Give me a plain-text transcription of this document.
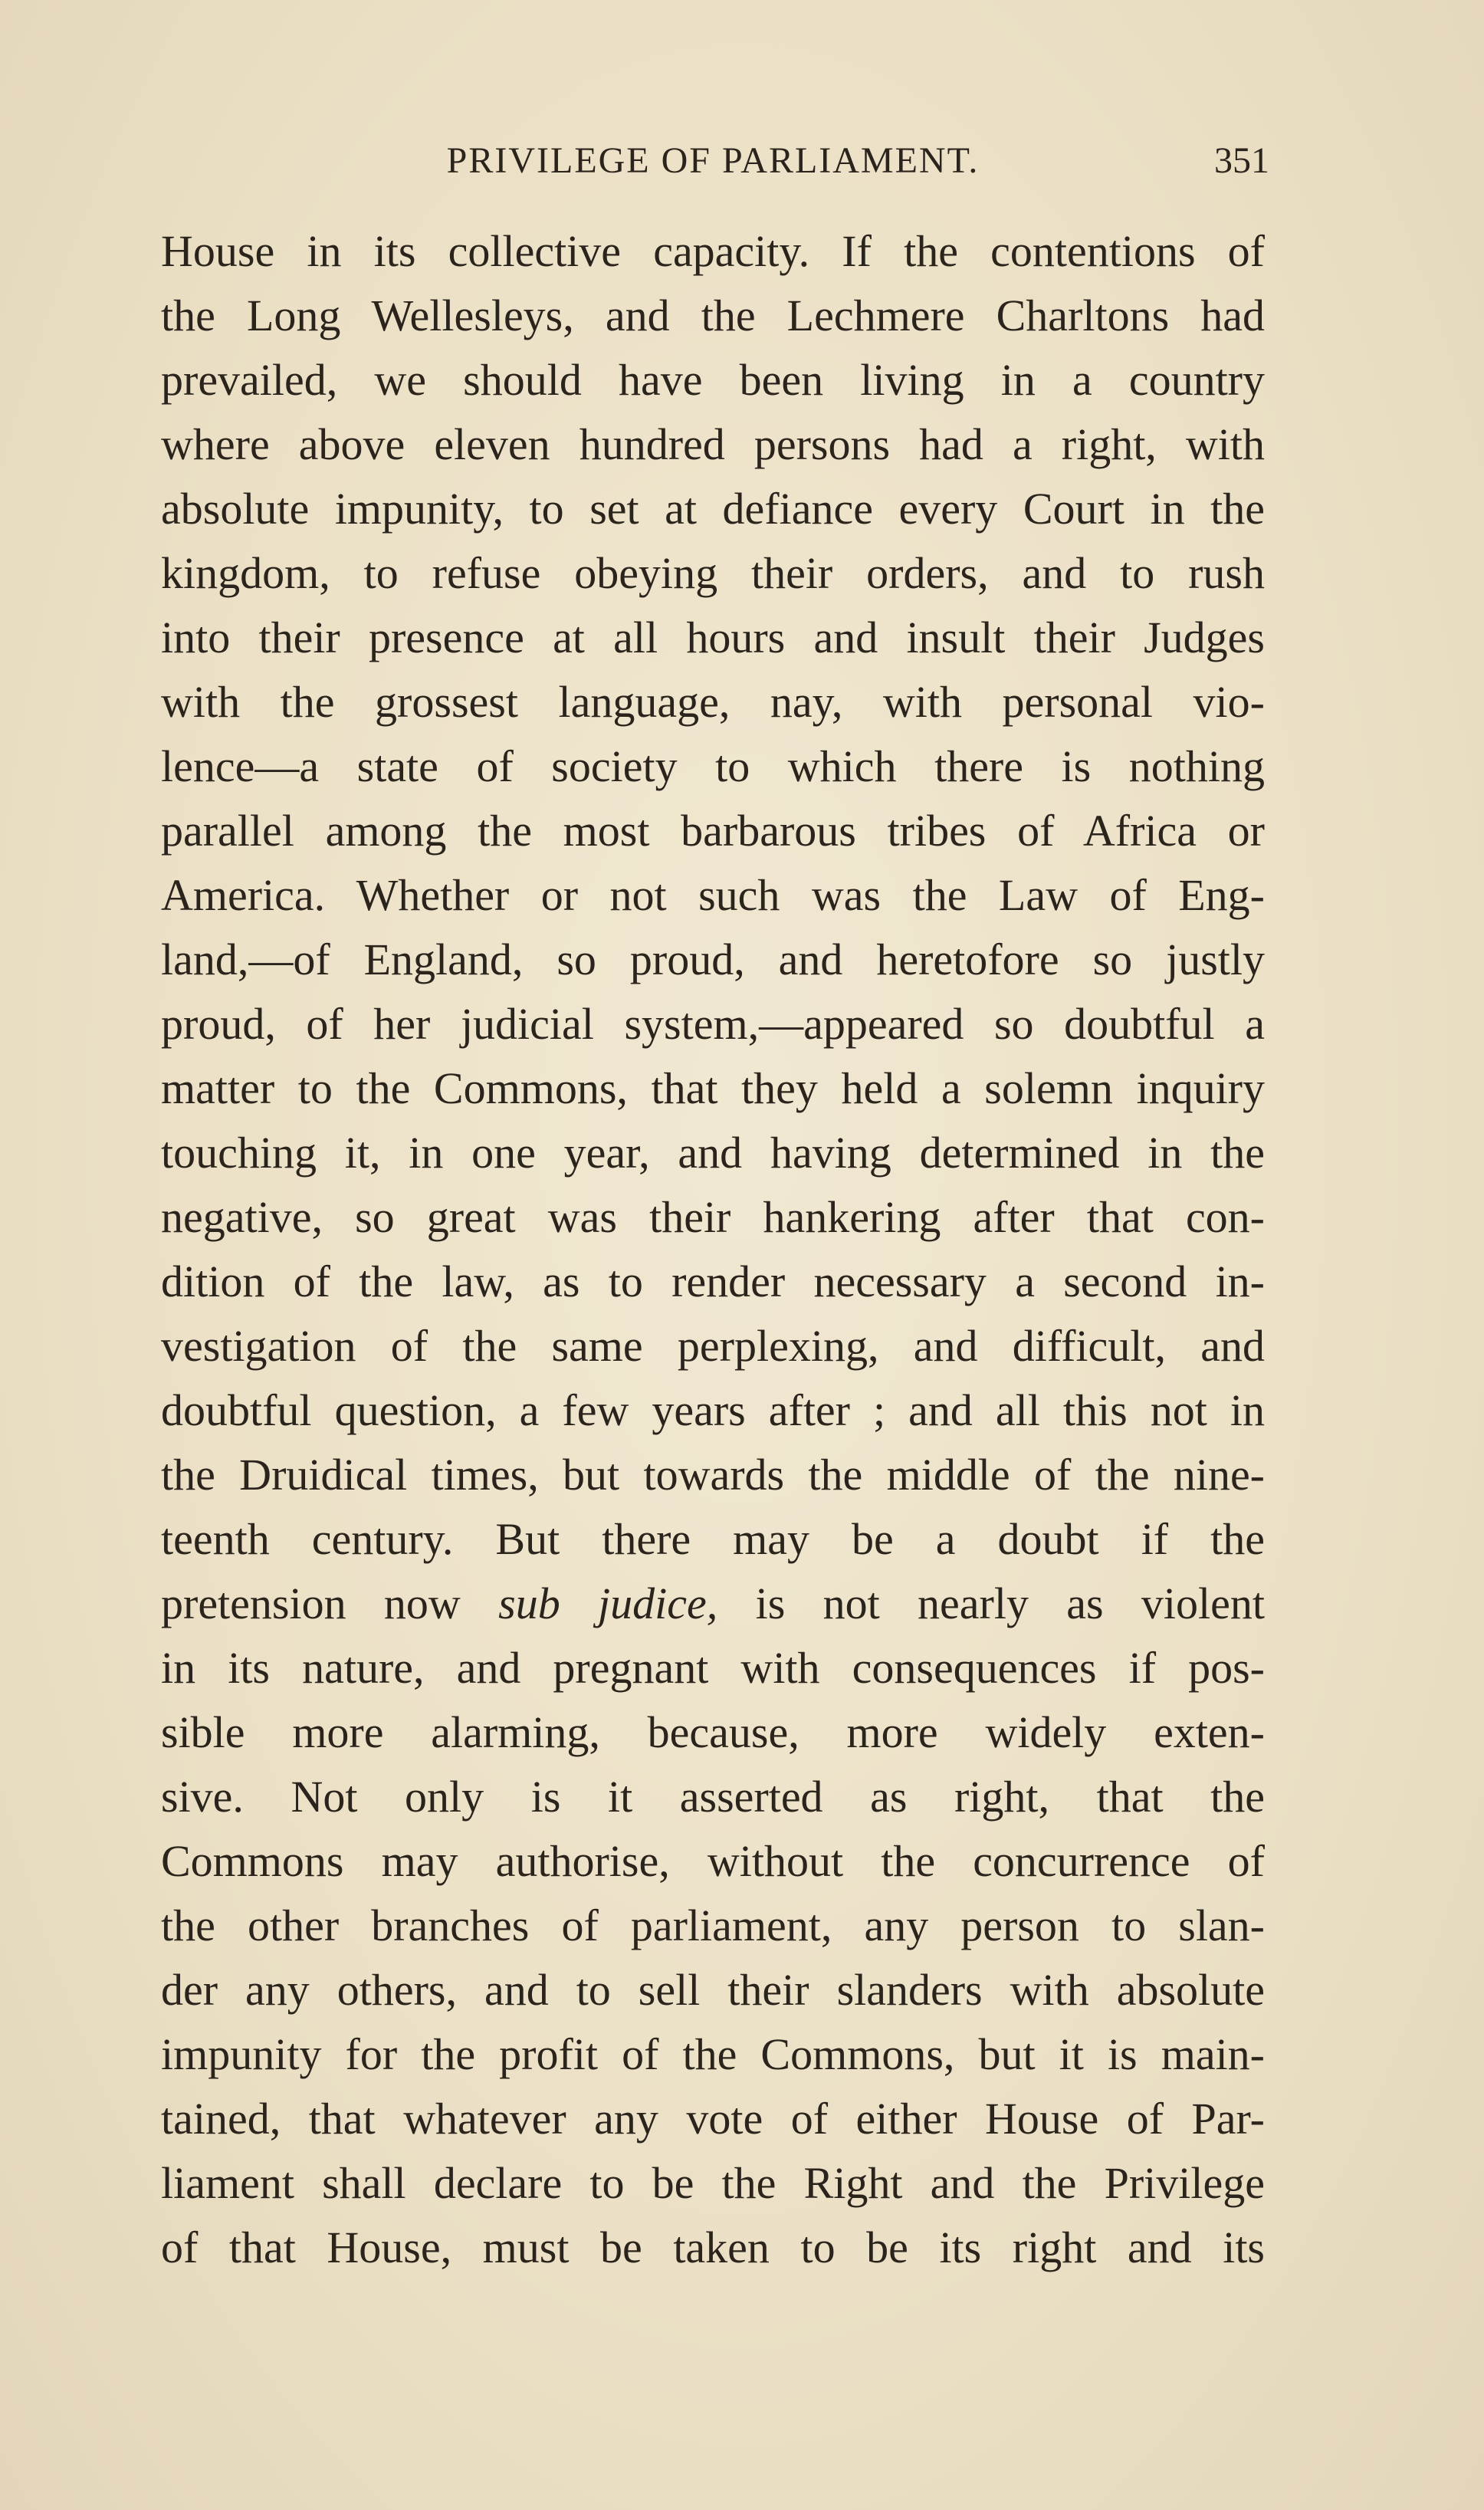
PRIVILEGE OF PARLIAMENT.	351
House in its collective capacity. If the contentions of
the Long Wellesleys, and the Lechmere Charltons had
prevailed, we should have been living in a country
where above eleven hundred persons had a right, with
absolute impunity, to set at defiance every Court in the
kingdom, to refuse obeying their orders, and to rush
into their presence at all hours and insult their Judges
with the grossest language, nay, with personal vio-
lence—a state of society to which there is nothing
parallel among the most barbarous tribes of Africa or
America. Whether or not such was the Law of Eng-
land,—of England, so proud, and heretofore so justly
proud, of her judicial system,—appeared so doubtful a
matter to the Commons, that they held a solemn inquiry
touching it, in one year, and having determined in the
negative, so great was their hankering after that con-
dition of the law, as to render necessary a second in-
vestigation of the same perplexing, and difficult, and
doubtful question, a few years after ; and all this not in
the Druidical times, but towards the middle of the nine-
teenth century. But there may be a doubt if the
pretension now sub judice, is not nearly as violent
in its nature, and pregnant with consequences if pos-
sible more alarming, because, more widely exten-
sive. Not only is it asserted as right, that the
Commons may authorise, without the concurrence of
the other branches of parliament, any person to slan-
der any others, and to sell their slanders with absolute
impunity for the profit of the Commons, but it is main-
tained, that whatever any vote of either House of Par-
liament shall declare to be the Right and the Privilege
of that House, must be taken to be its right and its
